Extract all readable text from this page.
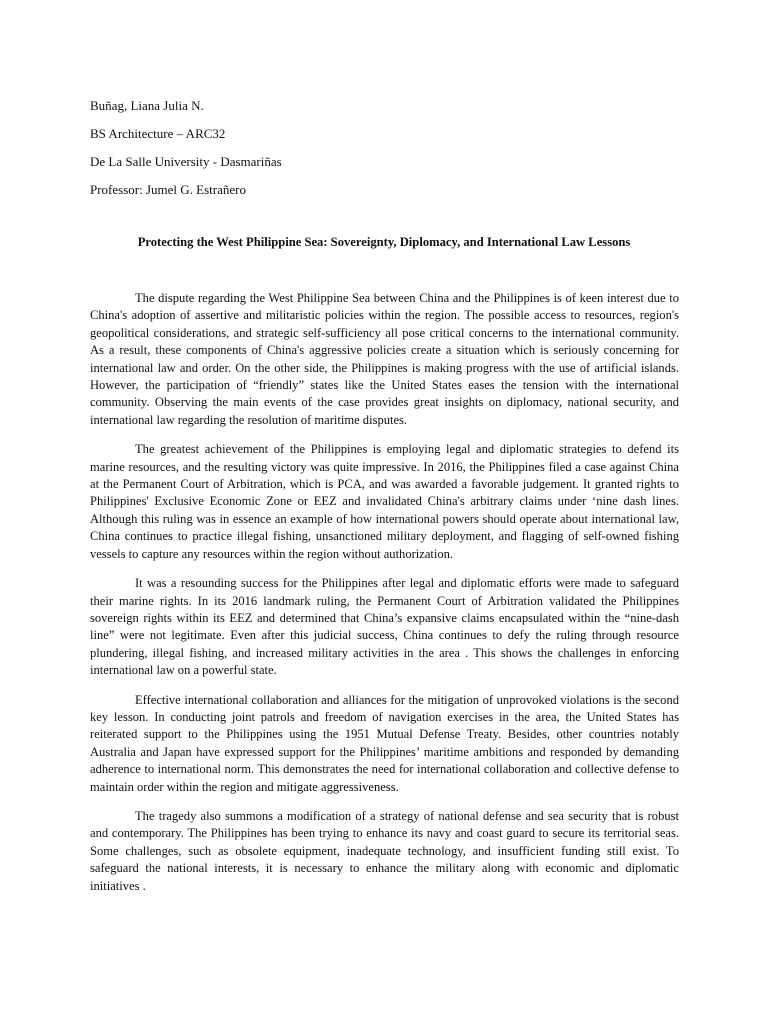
Buñag, Liana Julia N.
BS Architecture – ARC32
De La Salle University - Dasmariñas
Professor: Jumel G. Estrañero
Protecting the West Philippine Sea: Sovereignty, Diplomacy, and International Law Lessons

The dispute regarding the West Philippine Sea between China and the Philippines is of keen interest due to China's adoption of assertive and militaristic policies within the region. The possible access to resources, region's geopolitical considerations, and strategic self-sufficiency all pose critical concerns to the international community. As a result, these components of China's aggressive policies create a situation which is seriously concerning for international law and order. On the other side, the Philippines is making progress with the use of artificial islands. However, the participation of “friendly” states like the United States eases the tension with the international community. Observing the main events of the case provides great insights on diplomacy, national security, and international law regarding the resolution of maritime disputes.

The greatest achievement of the Philippines is employing legal and diplomatic strategies to defend its marine resources, and the resulting victory was quite impressive. In 2016, the Philippines filed a case against China at the Permanent Court of Arbitration, which is PCA, and was awarded a favorable judgement. It granted rights to Philippines' Exclusive Economic Zone or EEZ and invalidated China's arbitrary claims under ‘nine dash lines. Although this ruling was in essence an example of how international powers should operate about international law, China continues to practice illegal fishing, unsanctioned military deployment, and flagging of self-owned fishing vessels to capture any resources within the region without authorization.

It was a resounding success for the Philippines after legal and diplomatic efforts were made to safeguard their marine rights. In its 2016 landmark ruling, the Permanent Court of Arbitration validated the Philippines sovereign rights within its EEZ and determined that China’s expansive claims encapsulated within the “nine-dash line” were not legitimate. Even after this judicial success, China continues to defy the ruling through resource plundering, illegal fishing, and increased military activities in the area . This shows the challenges in enforcing international law on a powerful state.

Effective international collaboration and alliances for the mitigation of unprovoked violations is the second key lesson. In conducting joint patrols and freedom of navigation exercises in the area, the United States has reiterated support to the Philippines using the 1951 Mutual Defense Treaty. Besides, other countries notably Australia and Japan have expressed support for the Philippines’ maritime ambitions and responded by demanding adherence to international norm. This demonstrates the need for international collaboration and collective defense to maintain order within the region and mitigate aggressiveness.

The tragedy also summons a modification of a strategy of national defense and sea security that is robust and contemporary. The Philippines has been trying to enhance its navy and coast guard to secure its territorial seas. Some challenges, such as obsolete equipment, inadequate technology, and insufficient funding still exist. To safeguard the national interests, it is necessary to enhance the military along with economic and diplomatic initiatives .
